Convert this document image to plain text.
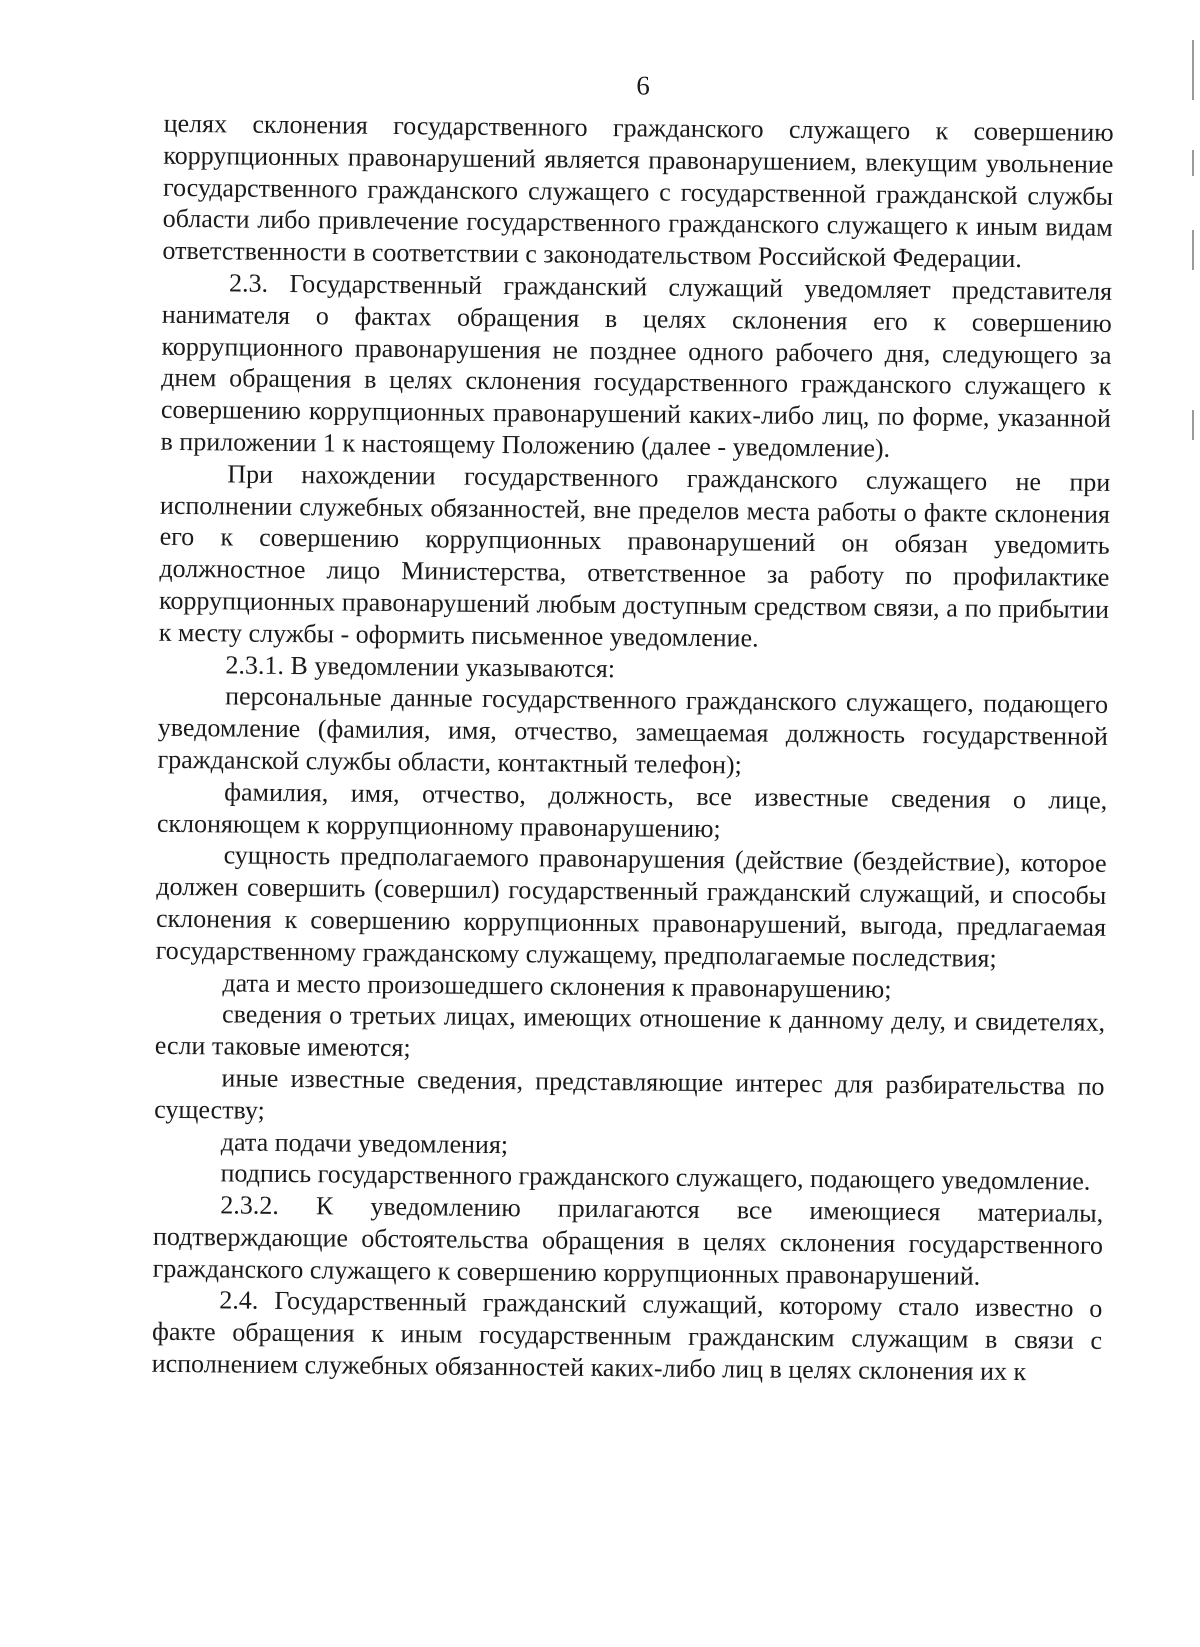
6

целях склонения государственного гражданского служащего к совершению коррупционных правонарушений является правонарушением, влекущим увольнение государственного гражданского служащего с государственной гражданской службы области либо привлечение государственного гражданского служащего к иным видам ответственности в соответствии с законодательством Российской Федерации.

2.3. Государственный гражданский служащий уведомляет представителя нанимателя о фактах обращения в целях склонения его к совершению коррупционного правонарушения не позднее одного рабочего дня, следующего за днем обращения в целях склонения государственного гражданского служащего к совершению коррупционных правонарушений каких-либо лиц, по форме, указанной в приложении 1 к настоящему Положению (далее - уведомление).

При нахождении государственного гражданского служащего не при исполнении служебных обязанностей, вне пределов места работы о факте склонения его к совершению коррупционных правонарушений он обязан уведомить должностное лицо Министерства, ответственное за работу по профилактике коррупционных правонарушений любым доступным средством связи, а по прибытии к месту службы - оформить письменное уведомление.

2.3.1. В уведомлении указываются:

персональные данные государственного гражданского служащего, подающего уведомление (фамилия, имя, отчество, замещаемая должность государственной гражданской службы области, контактный телефон);

фамилия, имя, отчество, должность, все известные сведения о лице, склоняющем к коррупционному правонарушению;

сущность предполагаемого правонарушения (действие (бездействие), которое должен совершить (совершил) государственный гражданский служащий, и способы склонения к совершению коррупционных правонарушений, выгода, предлагаемая государственному гражданскому служащему, предполагаемые последствия;

дата и место произошедшего склонения к правонарушению;

сведения о третьих лицах, имеющих отношение к данному делу, и свидетелях, если таковые имеются;

иные известные сведения, представляющие интерес для разбирательства по существу;

дата подачи уведомления;

подпись государственного гражданского служащего, подающего уведомление.

2.3.2. К уведомлению прилагаются все имеющиеся материалы, подтверждающие обстоятельства обращения в целях склонения государственного гражданского служащего к совершению коррупционных правонарушений.

2.4. Государственный гражданский служащий, которому стало известно о факте обращения к иным государственным гражданским служащим в связи с исполнением служебных обязанностей каких-либо лиц в целях склонения их к
